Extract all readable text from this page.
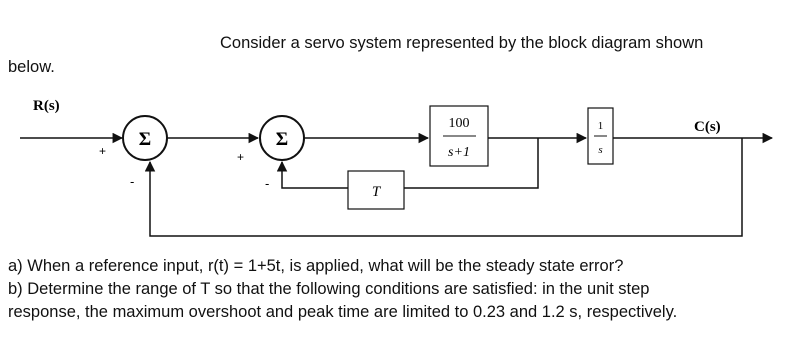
Consider a servo system represented by the block diagram shown
below.
R(s)
Σ
+
-
Σ
+
-
100
s+1
1
s
C(s)
T
a) When a reference input, r(t) = 1+5t, is applied, what will be the steady state error?
b) Determine the range of T so that the following conditions are satisfied: in the unit step
response, the maximum overshoot and peak time are limited to 0.23 and 1.2 s, respectively.
